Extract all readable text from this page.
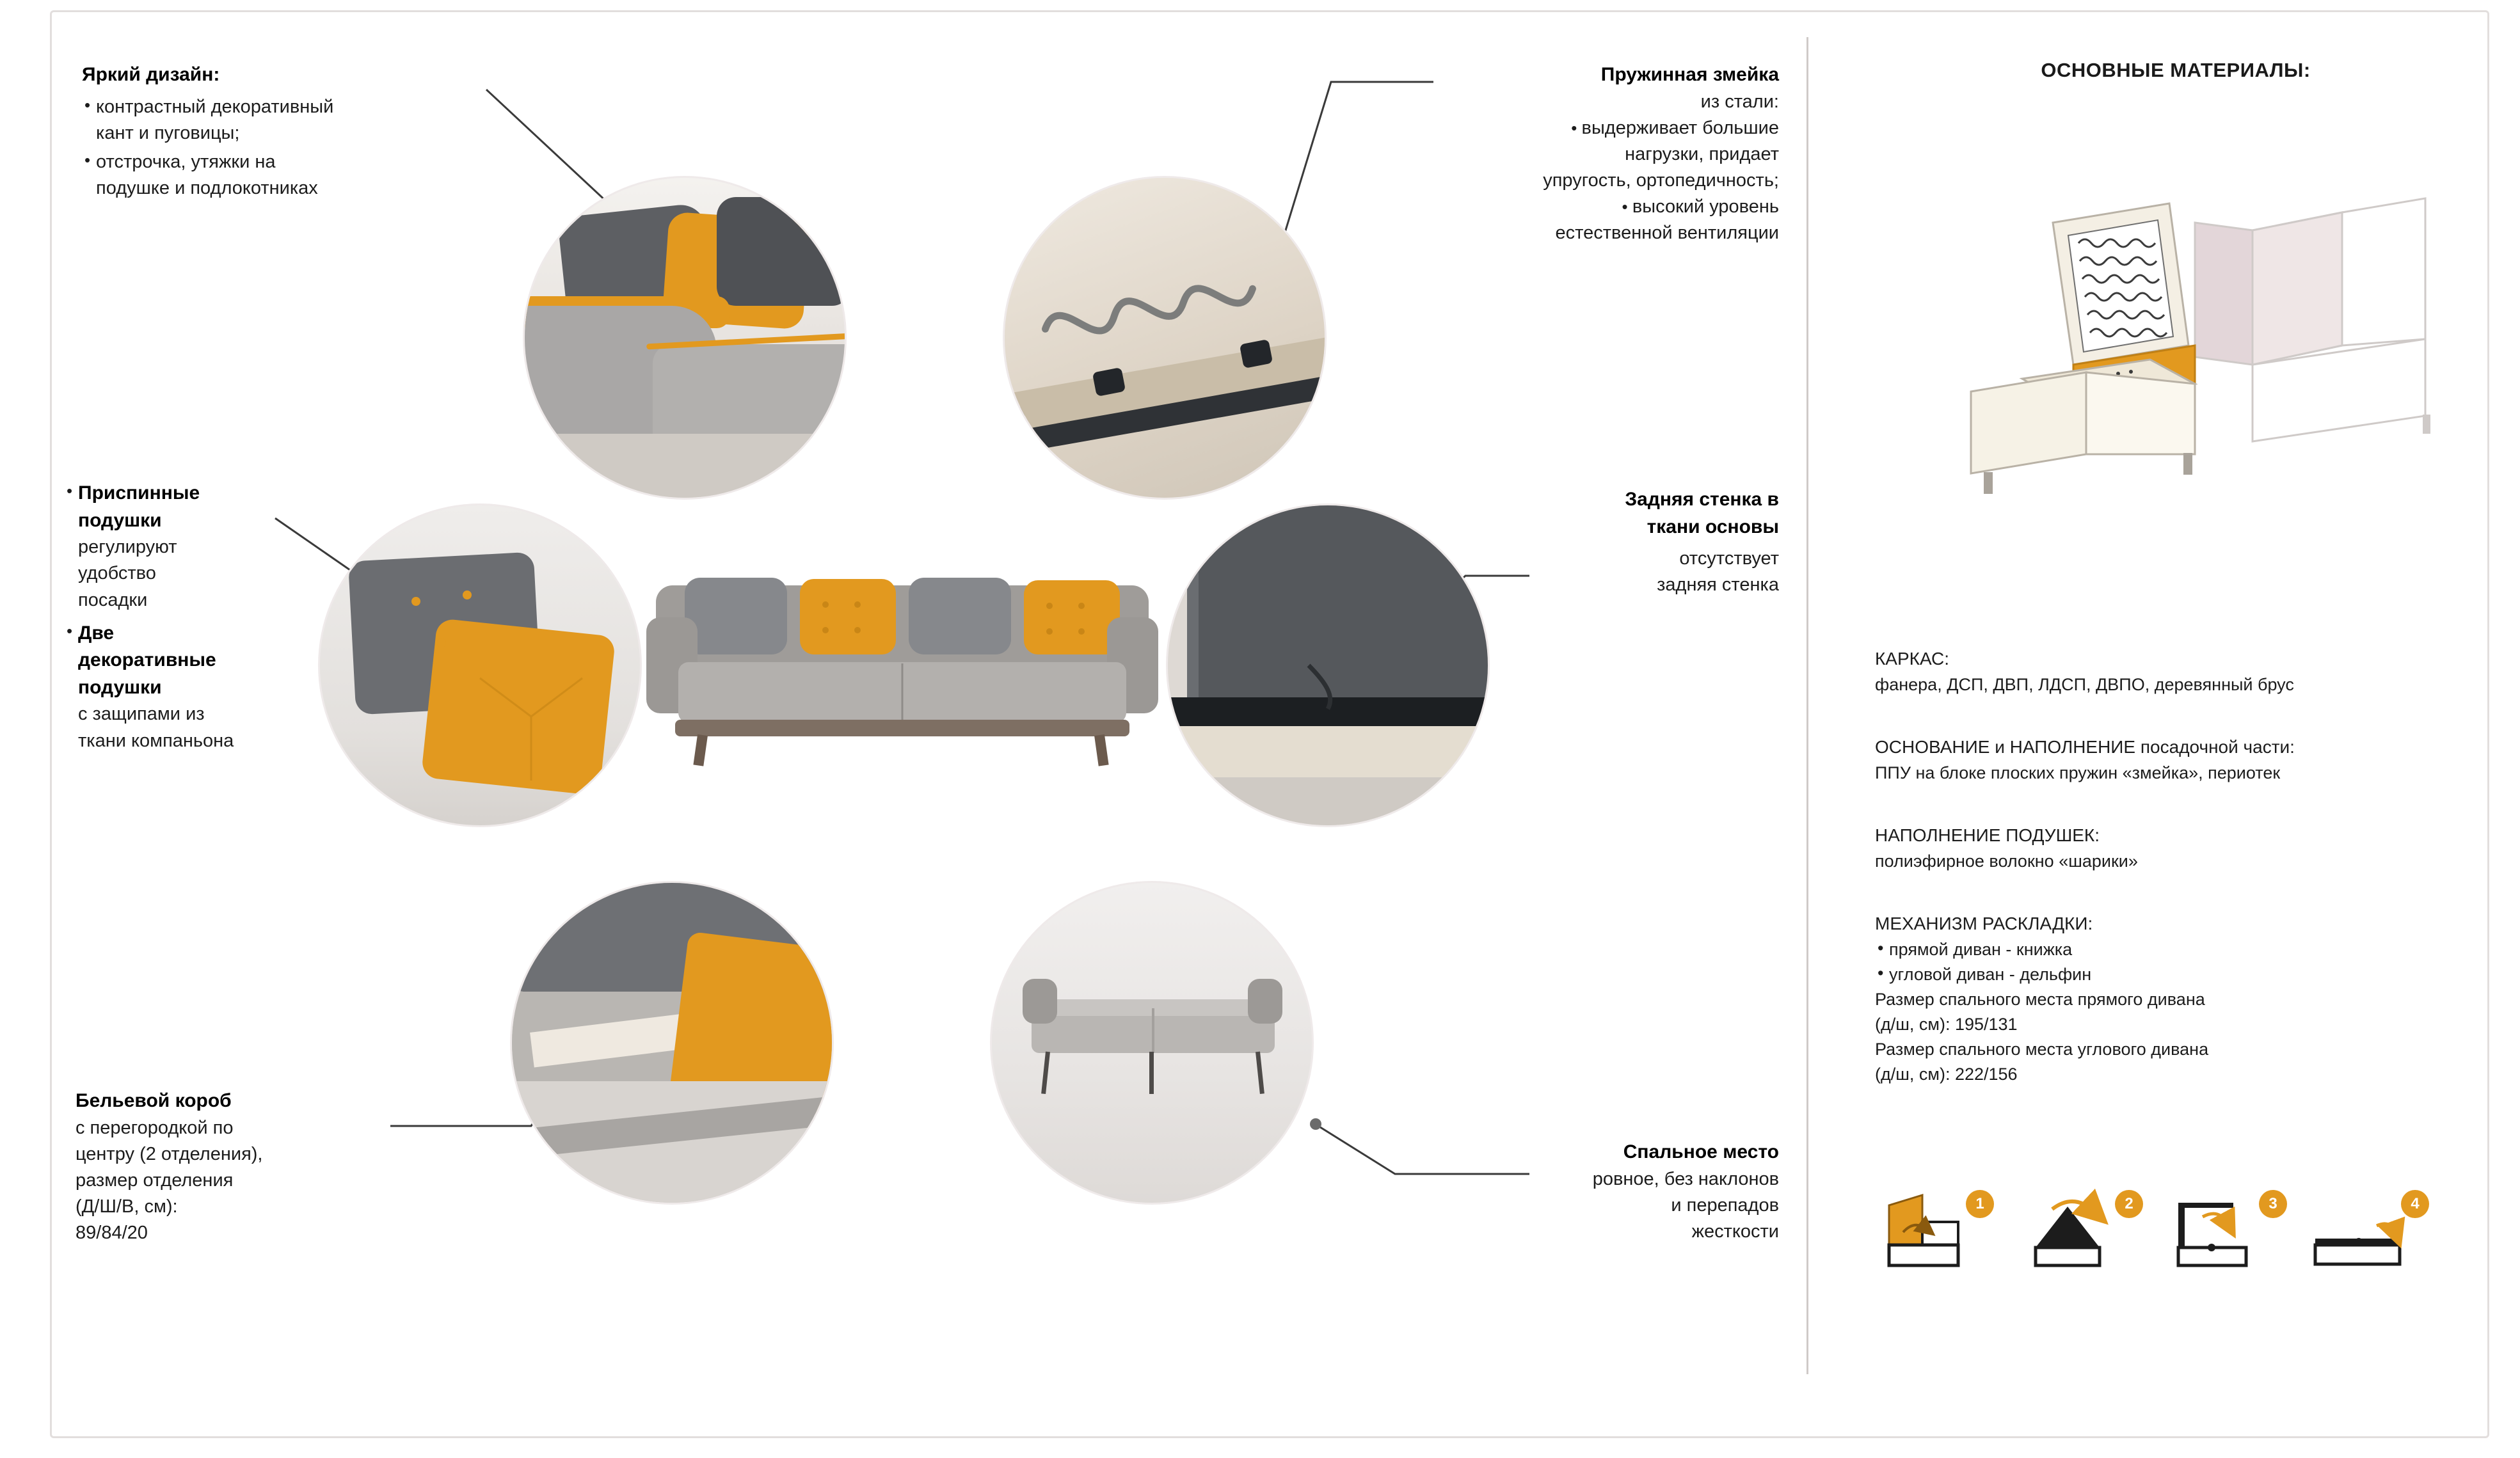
Яркий дизайн:
• контрастный декоративный
кант и пуговицы;
• отстрочка, утяжки на
подушке и подлокотниках
• Приспинные
подушки
регулируют
удобство
посадки
• Две
декоративные
подушки
с защипами из
ткани компаньона
Бельевой короб
с перегородкой по
центру (2 отделения),
размер отделения
(Д/Ш/В, см):
89/84/20
Пружинная змейка
из стали:
• выдерживает большие
нагрузки, придает
упругость, ортопедичность;
• высокий уровень
естественной вентиляции
Задняя стенка в
ткани основы
отсутствует
задняя стенка
Спальное место
ровное, без наклонов
и перепадов
жесткости
ОСНОВНЫЕ МАТЕРИАЛЫ:
КАРКАС:
фанера, ДСП, ДВП, ЛДСП, ДВПО, деревянный брус
ОСНОВАНИЕ и НАПОЛНЕНИЕ посадочной части:
ППУ на блоке плоских пружин «змейка», периотек
НАПОЛНЕНИЕ ПОДУШЕК:
полиэфирное волокно «шарики»
МЕХАНИЗМ РАСКЛАДКИ:
• прямой диван - книжка
• угловой диван - дельфин
Размер спального места прямого дивана
(д/ш, см): 195/131
Размер спального места углового дивана
(д/ш, см): 222/156
1	2	3	4
